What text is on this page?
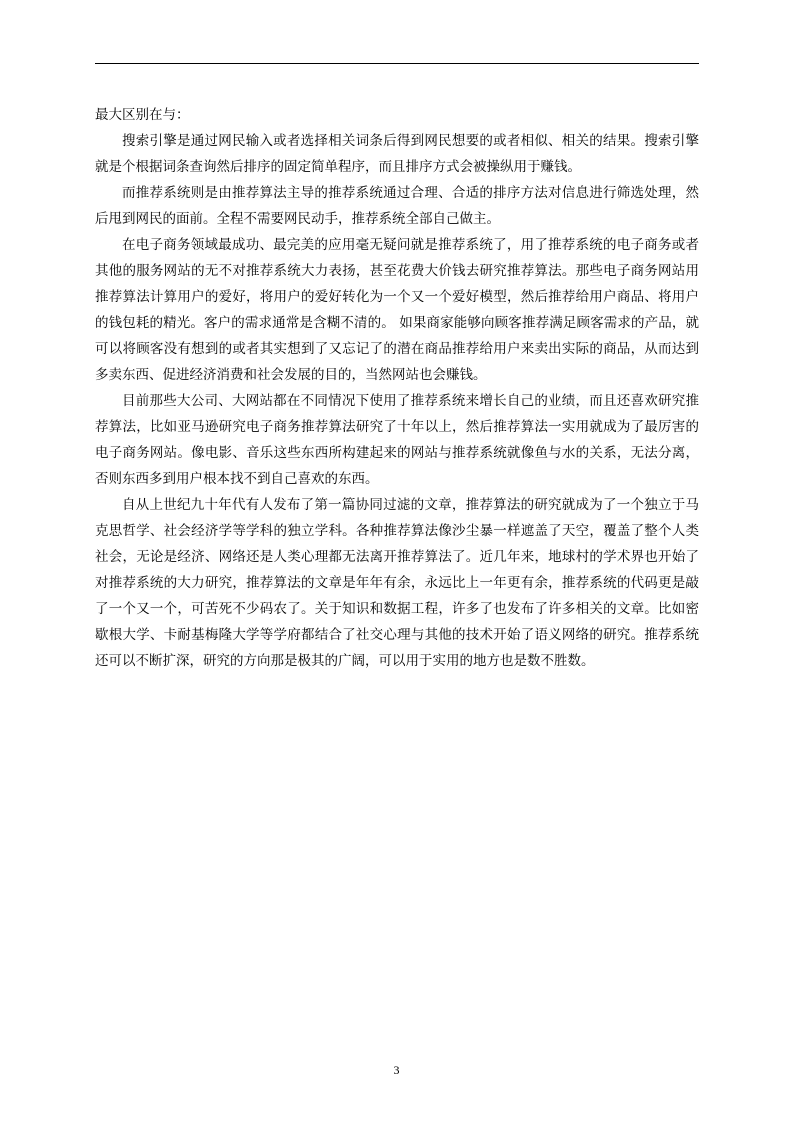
最大区别在与：

搜索引擎是通过网民输入或者选择相关词条后得到网民想要的或者相似、相关的结果。搜索引擎就是个根据词条查询然后排序的固定简单程序，而且排序方式会被操纵用于赚钱。

而推荐系统则是由推荐算法主导的推荐系统通过合理、合适的排序方法对信息进行筛选处理，然后甩到网民的面前。全程不需要网民动手，推荐系统全部自己做主。

在电子商务领域最成功、最完美的应用毫无疑问就是推荐系统了，用了推荐系统的电子商务或者其他的服务网站的无不对推荐系统大力表扬，甚至花费大价钱去研究推荐算法。那些电子商务网站用推荐算法计算用户的爱好，将用户的爱好转化为一个又一个爱好模型，然后推荐给用户商品、将用户的钱包耗的精光。客户的需求通常是含糊不清的。 如果商家能够向顾客推荐满足顾客需求的产品，就可以将顾客没有想到的或者其实想到了又忘记了的潜在商品推荐给用户来卖出实际的商品，从而达到多卖东西、促进经济消费和社会发展的目的，当然网站也会赚钱。

目前那些大公司、大网站都在不同情况下使用了推荐系统来增长自己的业绩，而且还喜欢研究推荐算法，比如亚马逊研究电子商务推荐算法研究了十年以上，然后推荐算法一实用就成为了最厉害的电子商务网站。像电影、音乐这些东西所构建起来的网站与推荐系统就像鱼与水的关系，无法分离，否则东西多到用户根本找不到自己喜欢的东西。

自从上世纪九十年代有人发布了第一篇协同过滤的文章，推荐算法的研究就成为了一个独立于马克思哲学、社会经济学等学科的独立学科。各种推荐算法像沙尘暴一样遮盖了天空，覆盖了整个人类社会，无论是经济、网络还是人类心理都无法离开推荐算法了。近几年来，地球村的学术界也开始了对推荐系统的大力研究，推荐算法的文章是年年有余，永远比上一年更有余，推荐系统的代码更是敲了一个又一个，可苦死不少码农了。关于知识和数据工程，许多了也发布了许多相关的文章。比如密歇根大学、卡耐基梅隆大学等学府都结合了社交心理与其他的技术开始了语义网络的研究。推荐系统还可以不断扩深，研究的方向那是极其的广阔，可以用于实用的地方也是数不胜数。

3
